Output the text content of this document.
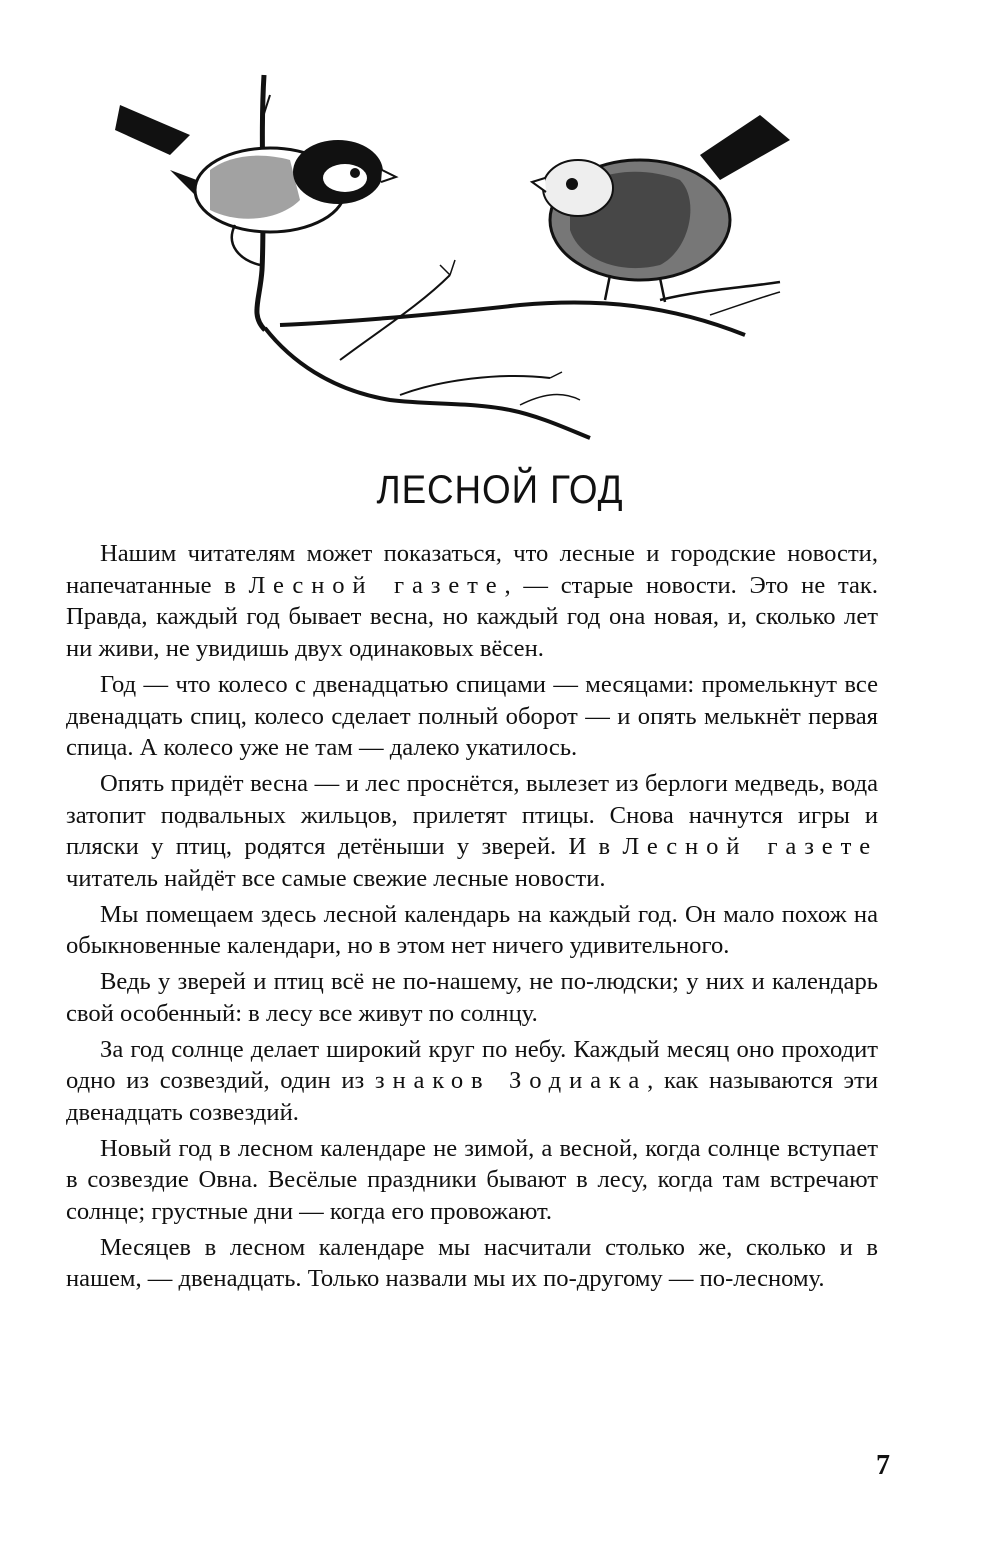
ЛЕСНОЙ ГОД

Нашим читателям может показаться, что лесные и городские новости, напечатанные в Лесной газете, — старые новости. Это не так. Правда, каждый год бывает весна, но каждый год она новая, и, сколько лет ни живи, не увидишь двух одинаковых вёсен.

Год — что колесо с двенадцатью спицами — месяцами: промелькнут все двенадцать спиц, колесо сделает полный оборот — и опять мелькнёт первая спица. А колесо уже не там — далеко укатилось.

Опять придёт весна — и лес проснётся, вылезет из берлоги медведь, вода затопит подвальных жильцов, прилетят птицы. Снова начнутся игры и пляски у птиц, родятся детёныши у зверей. И в Лесной газете читатель найдёт все самые свежие лесные новости.

Мы помещаем здесь лесной календарь на каждый год. Он мало похож на обыкновенные календари, но в этом нет ничего удивительного.

Ведь у зверей и птиц всё не по-нашему, не по-людски; у них и календарь свой особенный: в лесу все живут по солнцу.

За год солнце делает широкий круг по небу. Каждый месяц оно проходит одно из созвездий, один из знаков Зодиака, как называются эти двенадцать созвездий.

Новый год в лесном календаре не зимой, а весной, когда солнце вступает в созвездие Овна. Весёлые праздники бывают в лесу, когда там встречают солнце; грустные дни — когда его провожают.

Месяцев в лесном календаре мы насчитали столько же, сколько и в нашем, — двенадцать. Только назвали мы их по-другому — по-лесному.

7
